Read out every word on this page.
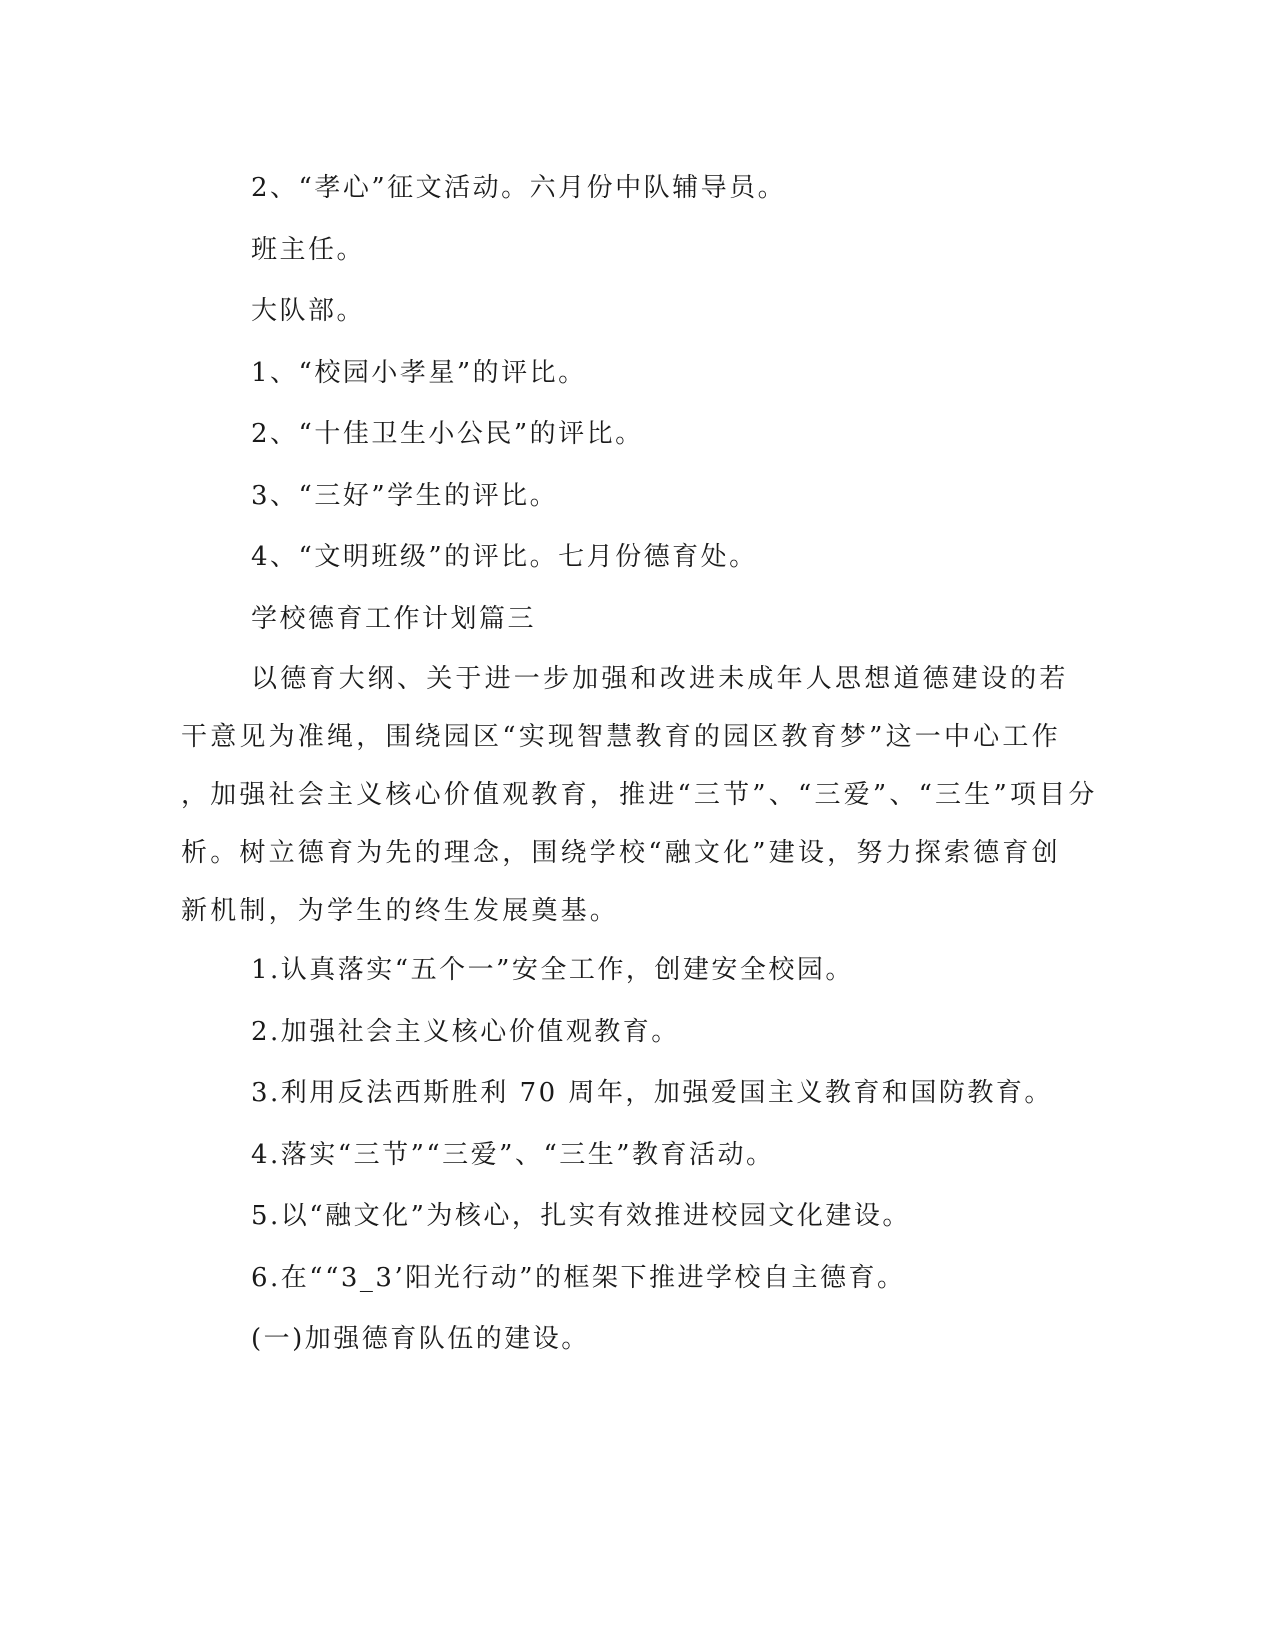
2、“孝心”征文活动。六月份中队辅导员。
班主任。
大队部。
1、“校园小孝星”的评比。
2、“十佳卫生小公民”的评比。
3、“三好”学生的评比。
4、“文明班级”的评比。七月份德育处。
学校德育工作计划篇三
以德育大纲、关于进一步加强和改进未成年人思想道德建设的若
干意见为准绳，围绕园区“实现智慧教育的园区教育梦”这一中心工作
，加强社会主义核心价值观教育，推进“三节”、“三爱”、“三生”项目分
析。树立德育为先的理念，围绕学校“融文化”建设，努力探索德育创
新机制，为学生的终生发展奠基。
1.认真落实“五个一”安全工作，创建安全校园。
2.加强社会主义核心价值观教育。
3.利用反法西斯胜利 70 周年，加强爱国主义教育和国防教育。
4.落实“三节”“三爱”、“三生”教育活动。
5.以“融文化”为核心，扎实有效推进校园文化建设。
6.在““3_3’阳光行动”的框架下推进学校自主德育。
(一)加强德育队伍的建设。
